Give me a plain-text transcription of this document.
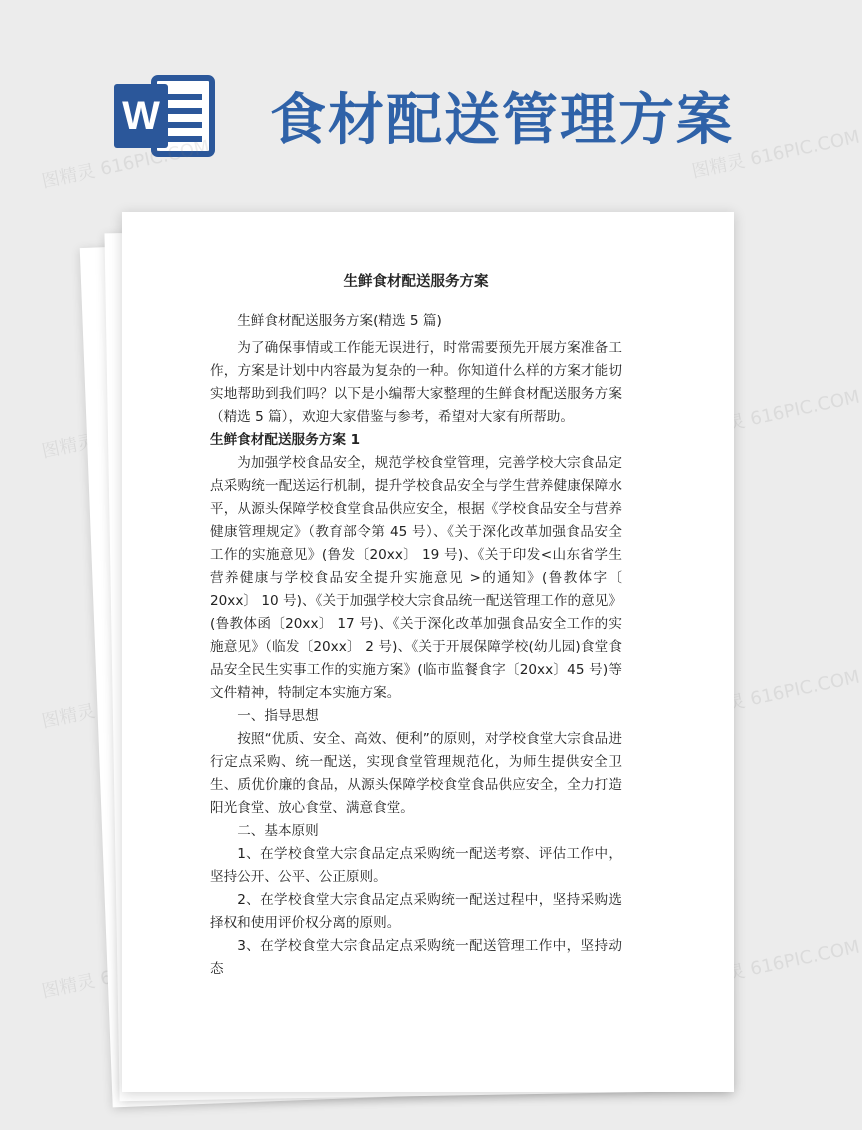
W 食材配送管理方案
图精灵 616PIC.COM	图精灵 616PIC.COM
图精灵
图精灵 616PIC.COM
图精灵	图精灵 616PIC.COM
图精灵	图精灵 616PIC.COM

生鲜食材配送服务方案

生鲜食材配送服务方案(精选 5 篇)

为了确保事情或工作能无误进行，时常需要预先开展方案准备工作，方案是计划中内容最为复杂的一种。你知道什么样的方案才能切实地帮助到我们吗？以下是小编帮大家整理的生鲜食材配送服务方案（精选 5 篇），欢迎大家借鉴与参考，希望对大家有所帮助。

生鲜食材配送服务方案 1

为加强学校食品安全，规范学校食堂管理，完善学校大宗食品定点采购统一配送运行机制，提升学校食品安全与学生营养健康保障水平，从源头保障学校食堂食品供应安全，根据《学校食品安全与营养健康管理规定》（教育部令第 45 号）、《关于深化改革加强食品安全工作的实施意见》(鲁发〔20xx〕 19 号)、《关于印发<山东省学生营养健康与学校食品安全提升实施意见 >的通知》(鲁教体字〔 20xx〕 10 号)、《关于加强学校大宗食品统一配送管理工作的意见》(鲁教体函〔20xx〕 17 号)、《关于深化改革加强食品安全工作的实施意见》（临发〔20xx〕 2 号)、《关于开展保障学校(幼儿园)食堂食品安全民生实事工作的实施方案》(临市监餐食字〔20xx〕45 号)等文件精神，特制定本实施方案。

一、指导思想

按照“优质、安全、高效、便利”的原则，对学校食堂大宗食品进行定点采购、统一配送，实现食堂管理规范化，为师生提供安全卫生、质优价廉的食品，从源头保障学校食堂食品供应安全，全力打造阳光食堂、放心食堂、满意食堂。

二、基本原则

1、在学校食堂大宗食品定点采购统一配送考察、评估工作中，坚持公开、公平、公正原则。

2、在学校食堂大宗食品定点采购统一配送过程中，坚持采购选择权和使用评价权分离的原则。

3、在学校食堂大宗食品定点采购统一配送管理工作中，坚持动态
